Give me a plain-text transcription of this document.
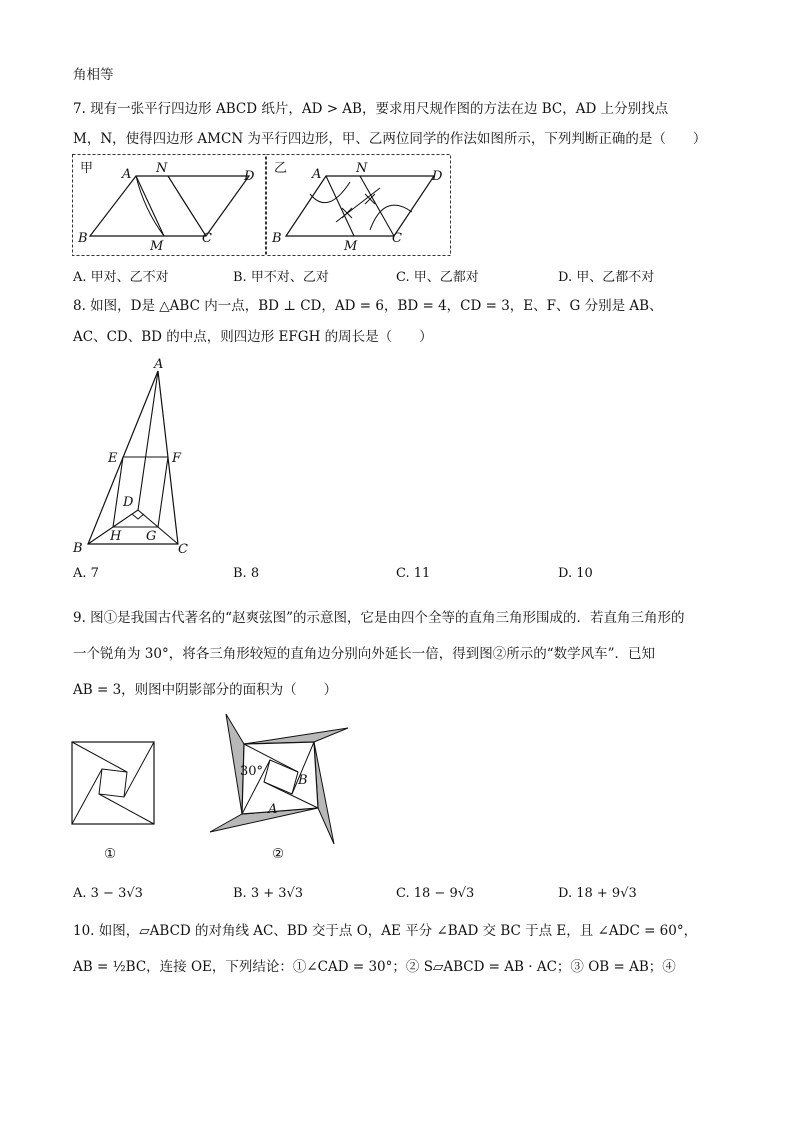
角相等
7. 现有一张平行四边形 ABCD 纸片，AD > AB，要求用尺规作图的方法在边 BC，AD 上分别找点
M，N，使得四边形 AMCN 为平行四边形，甲、乙两位同学的作法如图所示，下列判断正确的是（　　）
甲 A N
D
B
M
C
乙 A	N
D
B
M
C
A. 甲对、乙不对	B. 甲不对、乙对	C. 甲、乙都对	D. 甲、乙都不对
8. 如图，D是 △ABC 内一点，BD ⊥ CD，AD = 6，BD = 4，CD = 3，E、F、G 分别是 AB、
AC、CD、BD 的中点，则四边形 EFGH 的周长是（　　）
A
E	F
D
H G
B	C
A. 7	B. 8	C. 11	D. 10
9. 图①是我国古代著名的“赵爽弦图”的示意图，它是由四个全等的直角三角形围成的．若直角三角形的
一个锐角为 30°，将各三角形较短的直角边分别向外延长一倍，得到图②所示的“数学风车”．已知
AB = 3，则图中阴影部分的面积为（　　）
①
30°
B
A
②
A. 3 − 3√3	B. 3 + 3√3	C. 18 − 9√3	D. 18 + 9√3
10. 如图，▱ABCD 的对角线 AC、BD 交于点 O，AE 平分 ∠BAD 交 BC 于点 E，且 ∠ADC = 60°，
AB = ½BC，连接 OE，下列结论：①∠CAD = 30°；② S▱ABCD = AB · AC；③ OB = AB；④
